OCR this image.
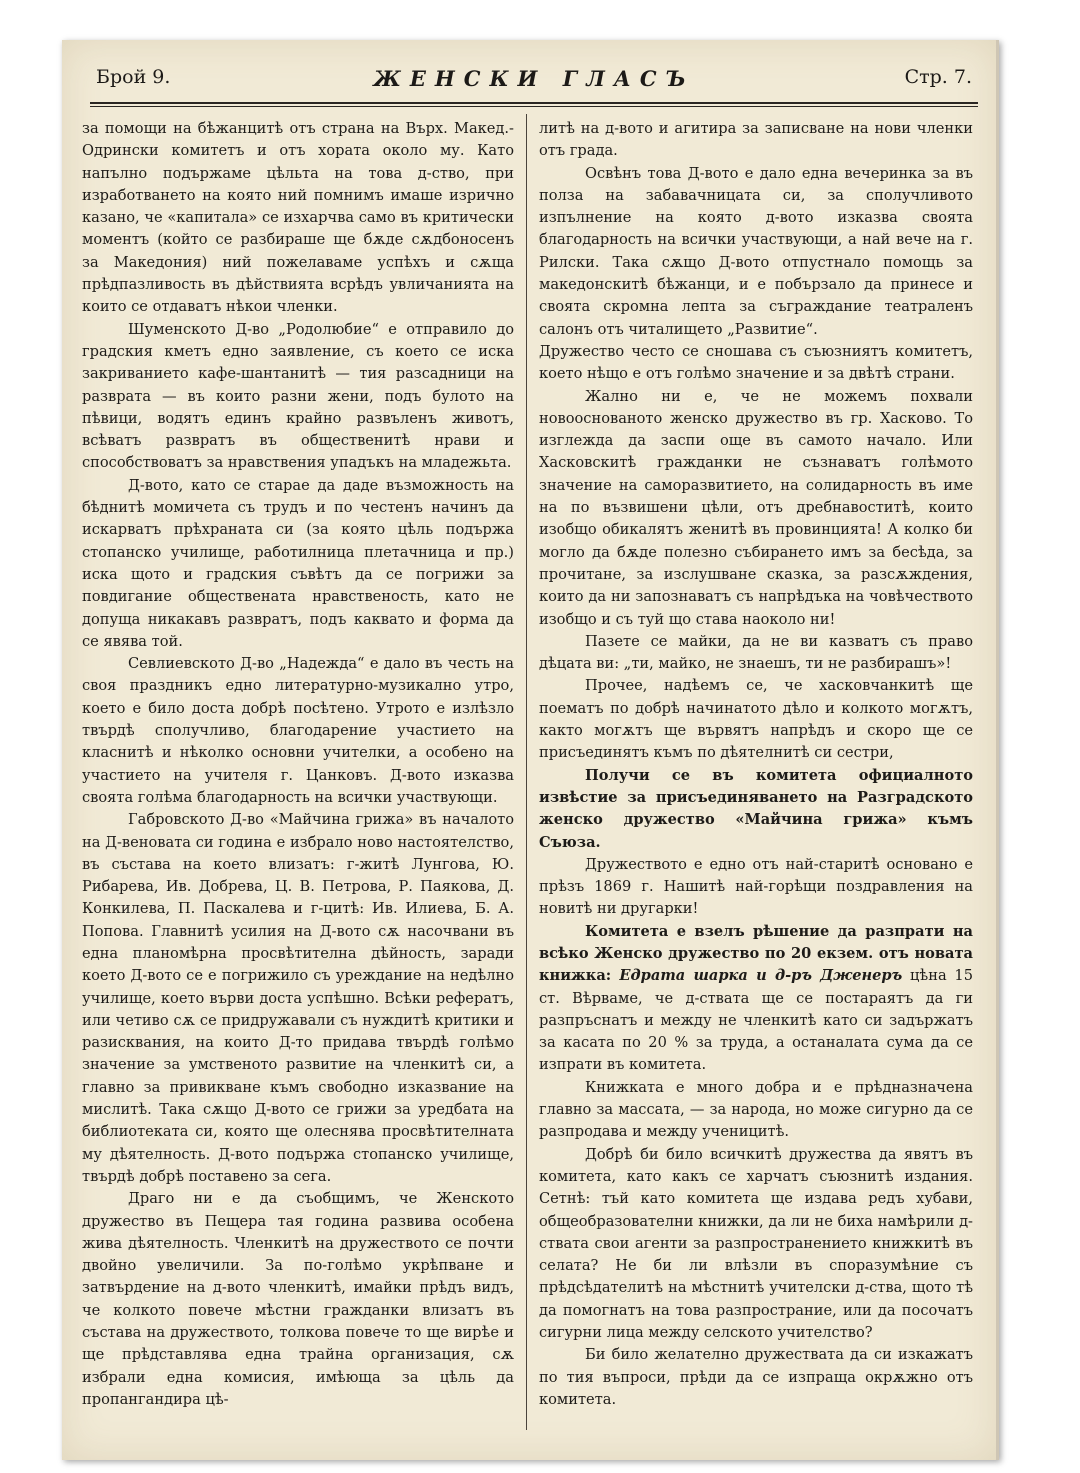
Брой 9.	ЖЕНСКИ ГЛАСЪ	Стр. 7.

за помощи на бѣжанцитѣ отъ страна на Върх. Макед.-Одрински комитетъ и отъ хората около му. Като напълно подържаме цѣльта на това д-ство, при изработването на която ний помнимъ имаше изрично казано, че «капитала» се изхарчва само въ критически моментъ (който се разбираше ще бѫде сѫдбоносенъ за Македония) ний пожелаваме успѣхъ и сѫща прѣдпазливость въ дѣйствията всрѣдъ увличанията на които се отдаватъ нѣкои членки.

Шуменското Д-во „Родолюбие“ е отправило до градския кметъ едно заявление, съ което се иска закриванието кафе-шантанитѣ — тия разсадници на разврата — въ които разни жени, подъ булото на пѣвици, водятъ единъ крайно развъленъ животъ, всѣватъ развратъ въ общественитѣ нрави и способствоватъ за нравствения упадъкъ на младежьта.

Д-вото, като се старае да даде възможность на бѣднитѣ момичета съ трудъ и по честенъ начинъ да искарватъ прѣхраната си (за която цѣль подържа стопанско училище, работилница плетачница и пр.) иска щото и градския съвѣтъ да се погрижи за повдигание обществената нравственость, като не допуща никакавъ развратъ, подъ каквато и форма да се явява той.

Севлиевското Д-во „Надежда“ е дало въ честь на своя праздникъ едно литературно-музикално утро, което е било доста добрѣ посѣтено. Утрото е излѣзло твърдѣ сполучливо, благодарение участието на класнитѣ и нѣколко основни учителки, а особено на участието на учителя г. Цанковъ. Д-вото изказва своята голѣма благодарность на всички участвующи.

Габровското Д-во «Майчина грижа» въ началото на Д-веновата си година е избрало ново настоятелство, въ състава на което влизатъ: г-житѣ Лунгова, Ю. Рибарева, Ив. Добрева, Ц. В. Петрова, Р. Паякова, Д. Конкилева, П. Паскалева и г-цитѣ: Ив. Илиева, Б. А. Попова. Главнитѣ усилия на Д-вото сѫ насочвани въ една планомѣрна просвѣтителна дѣйность, заради което Д-вото се е погрижило съ уреждание на недѣлно училище, което върви доста успѣшно. Всѣки рефератъ, или четиво сѫ се придружавали съ нуждитѣ критики и разисквания, на които Д-то придава твърдѣ голѣмо значение за умственото развитие на членкитѣ си, а главно за привикване къмъ свободно изказвание на мислитѣ. Така сѫщо Д-вото се грижи за уредбата на библиотеката си, която ще олеснява просвѣтителната му дѣятелность. Д-вото подържа стопанско училище, твърдѣ добрѣ поставено за сега.

Драго ни е да съобщимъ, че Женското дружество въ Пещера тая година развива особена жива дѣятелность. Членкитѣ на дружеството се почти двойно увеличили. За по-голѣмо укрѣпване и затвърдение на д-вото членкитѣ, имайки прѣдъ видъ, че колкото повече мѣстни гражданки влизатъ въ състава на дружеството, толкова повече то ще вирѣе и ще прѣдставлява една трайна организация, сѫ избрали една комисия, имѣюща за цѣль да пропангандира цѣ-

литѣ на д-вото и агитира за записване на нови членки отъ града.

Освѣнъ това Д-вото е дало една вечеринка за въ полза на забавачницата си, за сполучливото изпълнение на която д-вото изказва своята благодарность на всички участвующи, а най вече на г. Рилски. Така сѫщо Д-вото отпустнало помощь за македонскитѣ бѣжанци, и е побързало да принесе и своята скромна лепта за съграждание театраленъ салонъ отъ читалището „Развитие“.

Дружество често се сношава съ съюзниятъ комитетъ, което нѣщо е отъ голѣмо значение и за двѣтѣ страни.

Жално ни е, че не можемъ похвали новооснованото женско дружество въ гр. Хасково. То изглежда да заспи още въ самото начало. Или Хасковскитѣ гражданки не съзнаватъ голѣмото значение на саморазвитието, на солидарность въ име на по възвишени цѣли, отъ дребнавоститѣ, които изобщо обикалятъ женитѣ въ провинцията! А колко би могло да бѫде полезно събирането имъ за бесѣда, за прочитане, за изслушване сказка, за разсѫждения, които да ни запознаватъ съ напрѣдъка на човѣчеството изобщо и съ туй що става наоколо ни!

Пазете се майки, да не ви казватъ съ право дѣцата ви: „ти, майко, не знаешъ, ти не разбирашъ»!

Прочее, надѣемъ се, че хасковчанкитѣ ще поематъ по добрѣ начинатото дѣло и колкото могѫтъ, както могѫтъ ще вървятъ напрѣдъ и скоро ще се присъединятъ къмъ по дѣятелнитѣ си сестри,

Получи се въ комитета официалното извѣстие за присъединяването на Разградското женско дружество «Майчина грижа» къмъ Съюза.

Дружеството е едно отъ най-старитѣ основано е прѣзъ 1869 г. Нашитѣ най-горѣщи поздравления на новитѣ ни другарки!

Комитета е взелъ рѣшение да разпрати на всѣко Женско дружество по 20 екзем. отъ новата книжка: Едрата шарка и д-ръ Дженеръ цѣна 15 ст. Вѣрваме, че д-ствата ще се постараятъ да ги разпръснатъ и между не членкитѣ като си задържатъ за касата по 20 % за труда, а останалата сума да се изпрати въ комитета.

Книжката е много добра и е прѣдназначена главно за массата, — за народа, но може сигурно да се разпродава и между ученицитѣ.

Добрѣ би било всичкитѣ дружества да явятъ въ комитета, като какъ се харчатъ съюзнитѣ издания. Сетнѣ: тъй като комитета ще издава редъ хубави, общеобразователни книжки, да ли не биха намѣрили д-ствата свои агенти за разпространението книжкитѣ въ селата? Не би ли влѣзли въ споразумѣние съ прѣдсѣдателитѣ на мѣстнитѣ учителски д-ства, щото тѣ да помогнатъ на това разпространие, или да посочатъ сигурни лица между селското учителство?

Би било желателно дружествата да си изкажатъ по тия въпроси, прѣди да се изпраща окрѫжно отъ комитета.
